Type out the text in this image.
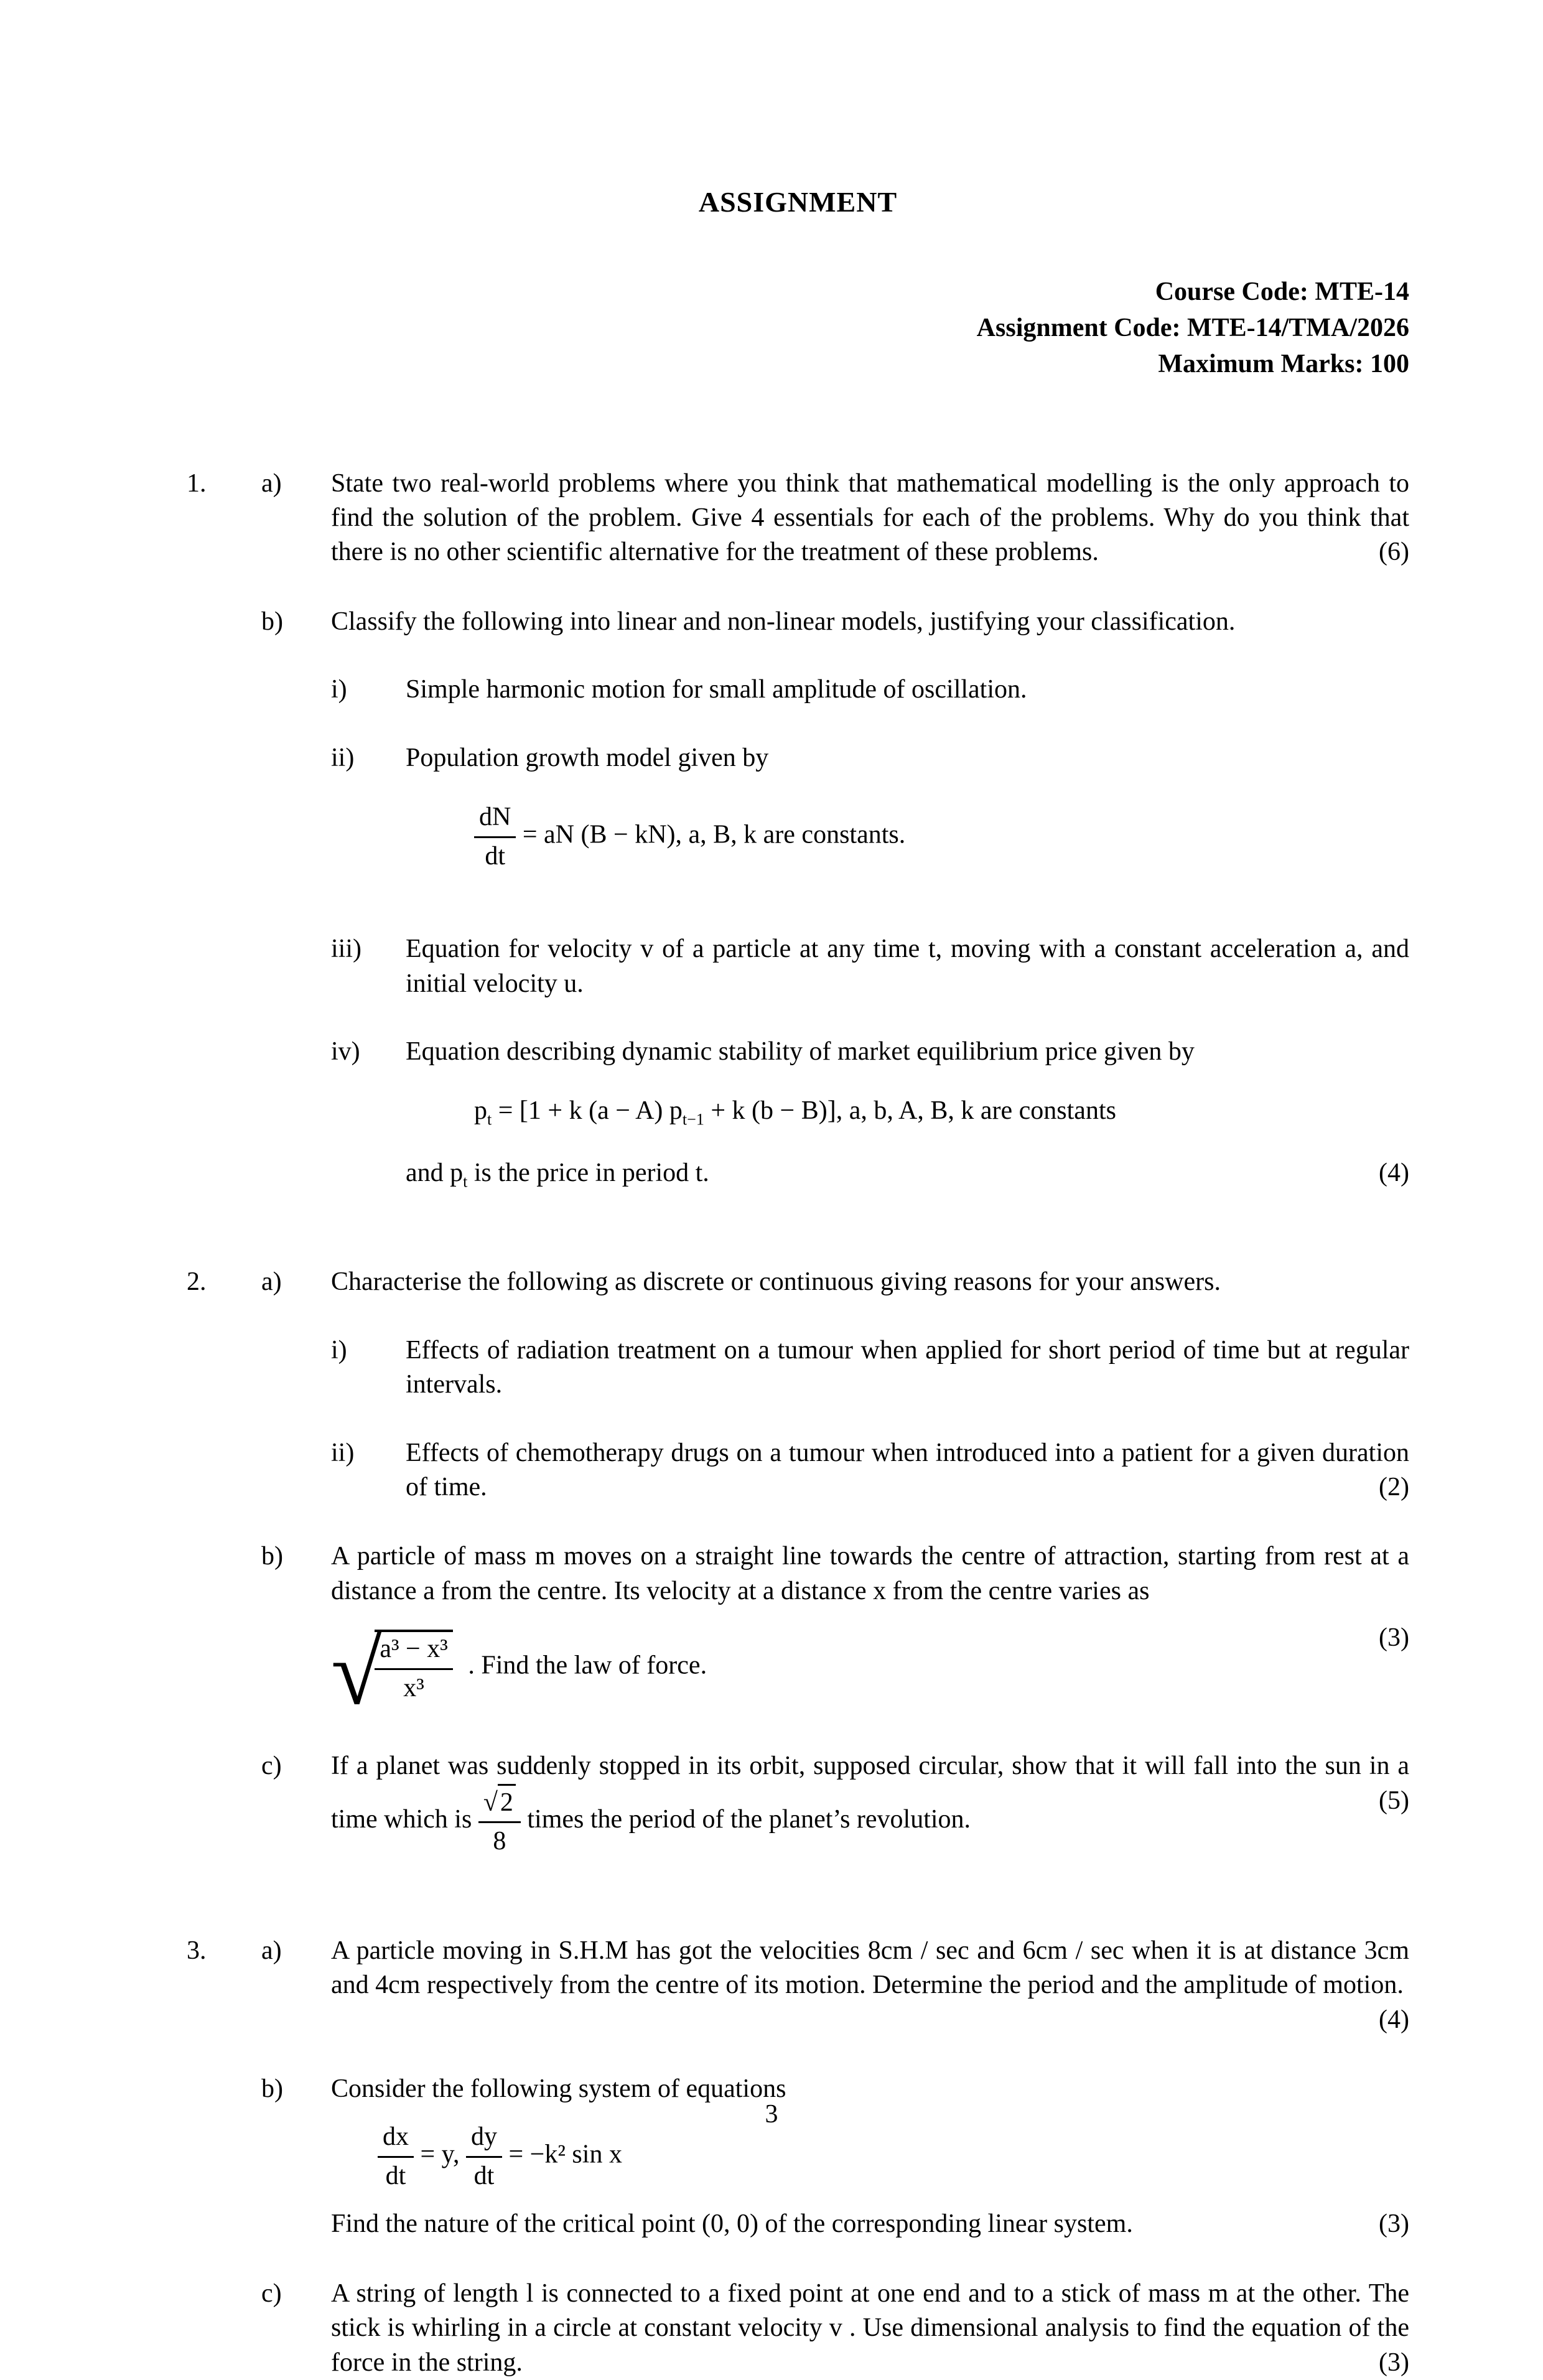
ASSIGNMENT
Course Code: MTE-14
Assignment Code: MTE-14/TMA/2026
Maximum Marks: 100
1.	a)	State two real-world problems where you think that mathematical modelling is the only approach to find the solution of the problem. Give 4 essentials for each of the problems. Why do you think that there is no other scientific alternative for the treatment of these problems.	(6)

b)	Classify the following into linear and non-linear models, justifying your classification.

i)	Simple harmonic motion for small amplitude of oscillation.

ii)	Population growth model given by

$\frac{dN}{dt}$ = aN (B − kN), a, B, k are constants.
iii)	Equation for velocity v of a particle at any time t, moving with a constant acceleration a, and initial velocity u.

iv)	Equation describing dynamic stability of market equilibrium price given by

$p_t = [1 + k$ (a − A) $p_{t-1} + k$ (b − B)], a, b, A, B, k are constants

and $p_t$ is the price in period t.	(4)

2.	a)	Characterise the following as discrete or continuous giving reasons for your answers.

i)	Effects of radiation treatment on a tumour when applied for short period of time but at regular intervals.

ii)	Effects of chemotherapy drugs on a tumour when introduced into a patient for a given duration of time.	(2)

b)	A particle of mass m moves on a straight line towards the centre of attraction, starting from rest at a distance a from the centre. Its velocity at a distance x from the centre varies as

√
$\frac{\text{a³ − x³}}{\text{x³}}$ . Find the law of force.
(3)
c)	If a planet was suddenly stopped in its orbit, supposed circular, show that it will fall into the sun in a time which is $\frac{√2}{8}$ times the period of the planet’s revolution.
(5)

3.	a)	A particle moving in S.H.M has got the velocities 8cm / sec and 6cm / sec when it is at distance 3cm and 4cm respectively from the centre of its motion. Determine the period and the amplitude of motion.
(4)

b)	Consider the following system of equations

$\frac{dx}{dt} = y$, $\frac{dy}{dt} = -k^2$ sin x

Find the nature of the critical point (0, 0) of the corresponding linear system.	(3)

c)	A string of length l is connected to a fixed point at one end and to a stick of mass m at the other. The stick is whirling in a circle at constant velocity v . Use dimensional analysis to find the equation of the force in the string.	(3)

3
